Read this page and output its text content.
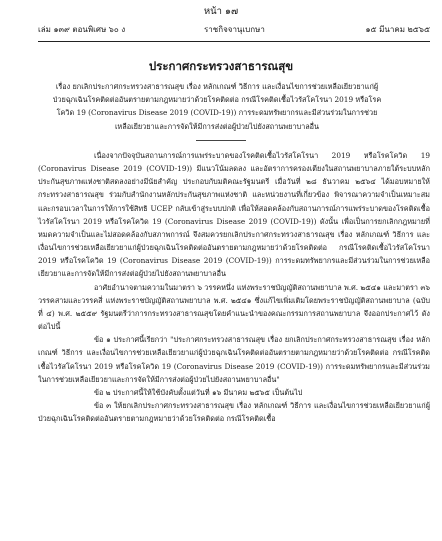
หน้า ๑๗
เล่ม ๑๓๙ ตอนพิเศษ ๖๐ ง	ราชกิจจานุเบกษา	๑๕ มีนาคม ๒๕๖๕
ประกาศกระทรวงสาธารณสุข
เรื่อง ยกเลิกประกาศกระทรวงสาธารณสุข เรื่อง หลักเกณฑ์ วิธีการ และเงื่อนไขการช่วยเหลือเยียวยาแก่ผู้ป่วยฉุกเฉินโรคติดต่ออันตรายตามกฎหมายว่าด้วยโรคติดต่อ กรณีโรคติดเชื้อไวรัสโคโรนา 2019 หรือโรคโควิด 19 (Coronavirus Disease 2019 (COVID-19)) การระดมทรัพยากรและมีส่วนร่วมในการช่วยเหลือเยียวยาและการจัดให้มีการส่งต่อผู้ป่วยไปยังสถานพยาบาลอื่น

เนื่องจากปัจจุบันสถานการณ์การแพร่ระบาดของโรคติดเชื้อไวรัสโคโรนา 2019 หรือโรคโควิด 19 (Coronavirus Disease 2019 (COVID-19)) มีแนวโน้มลดลง และอัตราการครองเตียงในสถานพยาบาลภายใต้ระบบหลักประกันสุขภาพแห่งชาติสดลงอย่างมีนัยสำคัญ ประกอบกับมติคณะรัฐมนตรี เมื่อวันที่ ๒๘ ธันวาคม ๒๕๖๔ ได้มอบหมายให้กระทรวงสาธารณสุข ร่วมกับสำนักงานหลักประกันสุขภาพแห่งชาติ และหน่วยงานที่เกี่ยวข้อง พิจารณาความจำเป็นเหมาะสมและกรอบเวลาในการให้การใช้สิทธิ UCEP กลับเข้าสู่ระบบปกติ เพื่อให้สอดคล้องกับสถานการณ์การแพร่ระบาดของโรคติดเชื้อไวรัสโคโรนา 2019 หรือโรคโควิด 19 (Coronavirus Disease 2019 (COVID-19)) ดังนั้น เพื่อเป็นการยกเลิกกฎหมายที่หมดความจำเป็นและไม่สอดคล้องกับสภาพการณ์ จึงสมควรยกเลิกประกาศกระทรวงสาธารณสุข เรื่อง หลักเกณฑ์ วิธีการ และเงื่อนไขการช่วยเหลือเยียวยาแก่ผู้ป่วยฉุกเฉินโรคติดต่ออันตรายตามกฎหมายว่าด้วยโรคติดต่อ กรณีโรคติดเชื้อไวรัสโคโรนา 2019 หรือโรคโควิด 19 (Coronavirus Disease 2019 (COVID-19)) การระดมทรัพยากรและมีส่วนร่วมในการช่วยเหลือเยียวยาและการจัดให้มีการส่งต่อผู้ป่วยไปยังสถานพยาบาลอื่น

อาศัยอำนาจตามความในมาตรา ๖ วรรคหนึ่ง แห่งพระราชบัญญัติสถานพยาบาล พ.ศ. ๒๕๔๑ และมาตรา ๓๖ วรรคสามและวรรคสี่ แห่งพระราชบัญญัติสถานพยาบาล พ.ศ. ๒๕๔๑ ซึ่งแก้ไขเพิ่มเติมโดยพระราชบัญญัติสถานพยาบาล (ฉบับที่ ๔) พ.ศ. ๒๕๕๙ รัฐมนตรีว่าการกระทรวงสาธารณสุขโดยคำแนะนำของคณะกรรมการสถานพยาบาล จึงออกประกาศไว้ ดังต่อไปนี้

ข้อ ๑ ประกาศนี้เรียกว่า "ประกาศกระทรวงสาธารณสุข เรื่อง ยกเลิกประกาศกระทรวงสาธารณสุข เรื่อง หลักเกณฑ์ วิธีการ และเงื่อนไขการช่วยเหลือเยียวยาแก่ผู้ป่วยฉุกเฉินโรคติดต่ออันตรายตามกฎหมายว่าด้วยโรคติดต่อ กรณีโรคติดเชื้อไวรัสโคโรนา 2019 หรือโรคโควิด 19 (Coronavirus Disease 2019 (COVID-19)) การระดมทรัพยากรและมีส่วนร่วมในการช่วยเหลือเยียวยาและการจัดให้มีการส่งต่อผู้ป่วยไปยังสถานพยาบาลอื่น"

ข้อ ๒ ประกาศนี้ให้ใช้บังคับตั้งแต่วันที่ ๑๖ มีนาคม ๒๕๖๕ เป็นต้นไป

ข้อ ๓ ให้ยกเลิกประกาศกระทรวงสาธารณสุข เรื่อง หลักเกณฑ์ วิธีการ และเงื่อนไขการช่วยเหลือเยียวยาแก่ผู้ป่วยฉุกเฉินโรคติดต่ออันตรายตามกฎหมายว่าด้วยโรคติดต่อ กรณีโรคติดเชื้อ
